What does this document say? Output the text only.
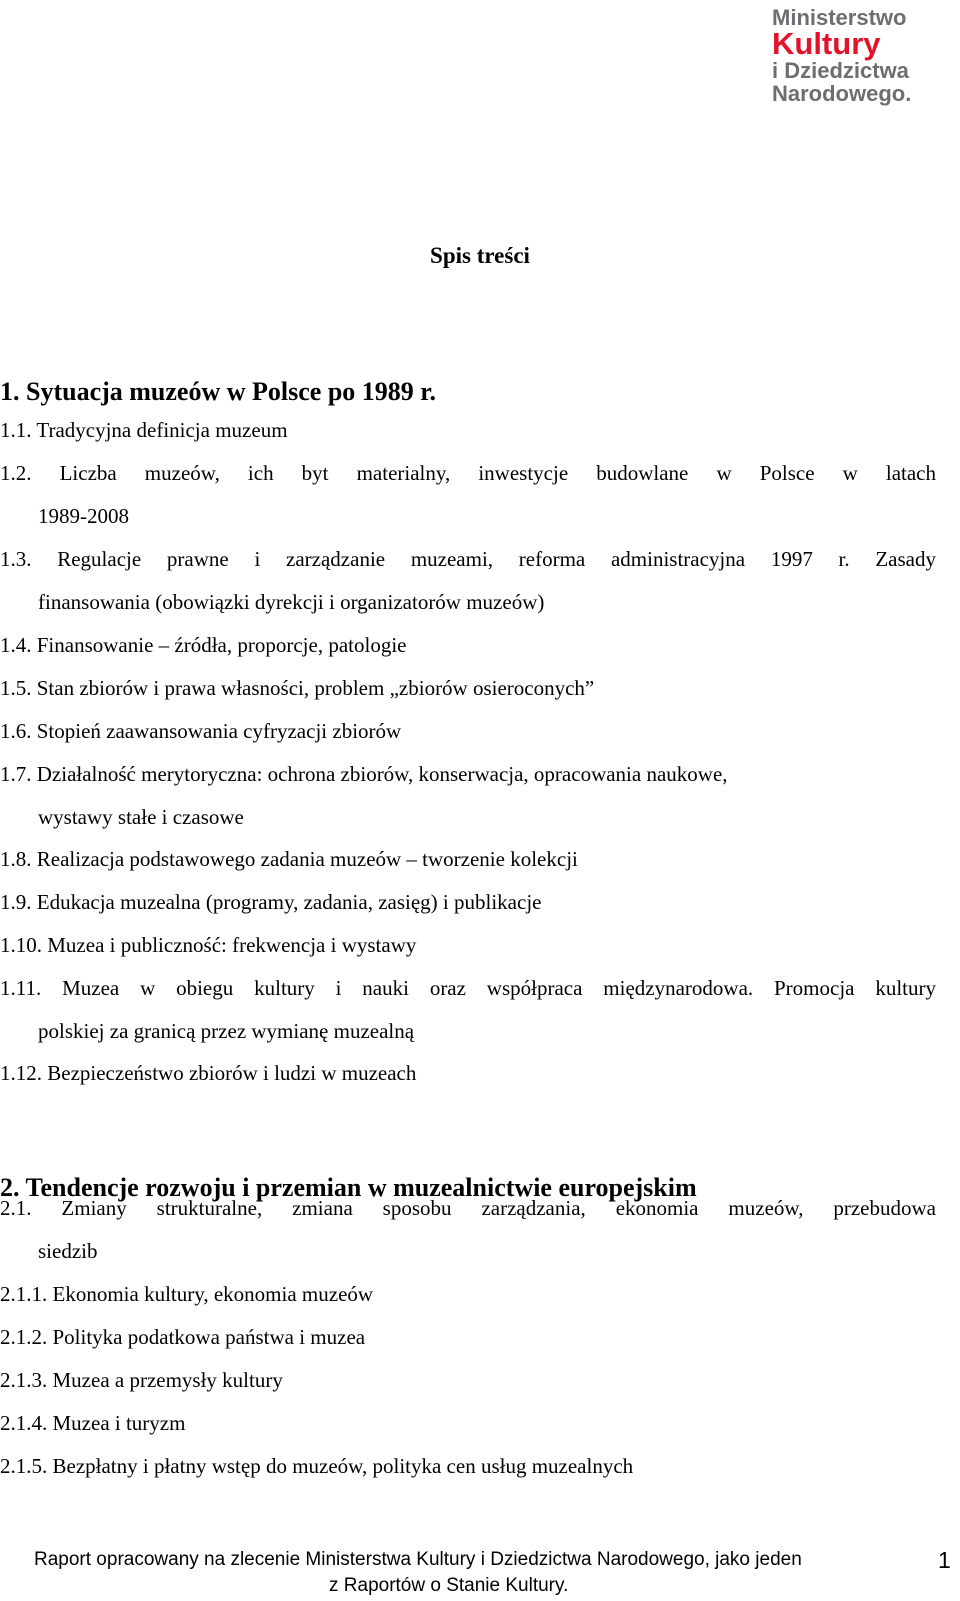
Ministerstwo
Kultury
i Dziedzictwa
Narodowego.
Spis treści
1. Sytuacja muzeów w Polsce po 1989 r.
1.1. Tradycyjna definicja muzeum
1.2. Liczba muzeów, ich byt materialny, inwestycje budowlane w Polsce w latach
1989-2008
1.3. Regulacje prawne i zarządzanie muzeami, reforma administracyjna 1997 r. Zasady
finansowania (obowiązki dyrekcji i organizatorów muzeów)
1.4. Finansowanie – źródła, proporcje, patologie
1.5. Stan zbiorów i prawa własności, problem „zbiorów osieroconych”
1.6. Stopień zaawansowania cyfryzacji zbiorów
1.7. Działalność merytoryczna: ochrona zbiorów, konserwacja, opracowania naukowe,
wystawy stałe i czasowe
1.8. Realizacja podstawowego zadania muzeów – tworzenie kolekcji
1.9. Edukacja muzealna (programy, zadania, zasięg) i publikacje
1.10. Muzea i publiczność: frekwencja i wystawy
1.11. Muzea w obiegu kultury i nauki oraz współpraca międzynarodowa. Promocja kultury
polskiej za granicą przez wymianę muzealną
1.12. Bezpieczeństwo zbiorów i ludzi w muzeach
2. Tendencje rozwoju i przemian w muzealnictwie europejskim
2.1. Zmiany strukturalne, zmiana sposobu zarządzania, ekonomia muzeów, przebudowa
siedzib
2.1.1. Ekonomia kultury, ekonomia muzeów
2.1.2. Polityka podatkowa państwa i muzea
2.1.3. Muzea a przemysły kultury
2.1.4. Muzea i turyzm
2.1.5. Bezpłatny i płatny wstęp do muzeów, polityka cen usług muzealnych
Raport opracowany na zlecenie Ministerstwa Kultury i Dziedzictwa Narodowego, jako jeden
z Raportów o Stanie Kultury.
1
